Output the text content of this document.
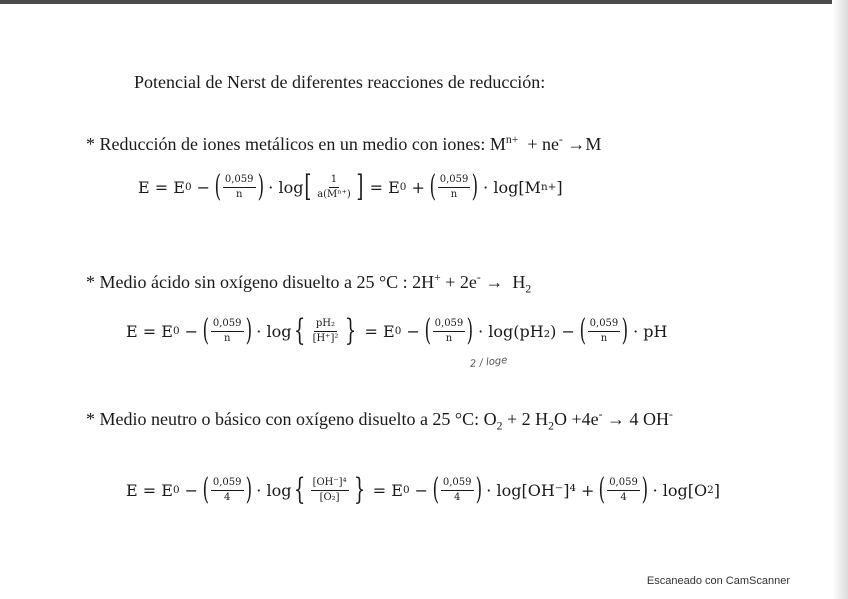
Potencial de Nerst de diferentes reacciones de reducción:
* Reducción de iones metálicos en un medio con iones: $M^{n+} + ne^- \to M$
E = E 0 − ( $\frac{0,059}{n}$ ) · log [ $\frac{1}{\text{a(Mⁿ⁺)}}$ ] = E 0 + ( $\frac{0,059}{n}$ ) · log[M n+ ]
* Medio ácido sin oxígeno disuelto a 25 °C : $2H^+ + 2e^- \to H_2$
E = E 0 − ( $\frac{0,059}{n}$ ) · log { $\frac{\text{pH₂}}{\text{[H⁺]²}}$ } = E 0 − ( $\frac{0,059}{n}$ ) · log(pH₂) − ( $\frac{0,059}{n}$ ) · pH
2 / loge
* Medio neutro o básico con oxígeno disuelto a 25 °C: $O_2 + 2$ $H_2O +4e^- \to 4$ OH-
E = E 0 − ( $\frac{0,059}{4}$ ) · log { $\frac{\text{[OH⁻]⁴}}{\text{[O₂]}}$ } = E 0 − ( $\frac{0,059}{4}$ ) · log[OH⁻]⁴ + ( $\frac{0,059}{4}$ ) · log[O 2 ]
Escaneado con CamScanner
